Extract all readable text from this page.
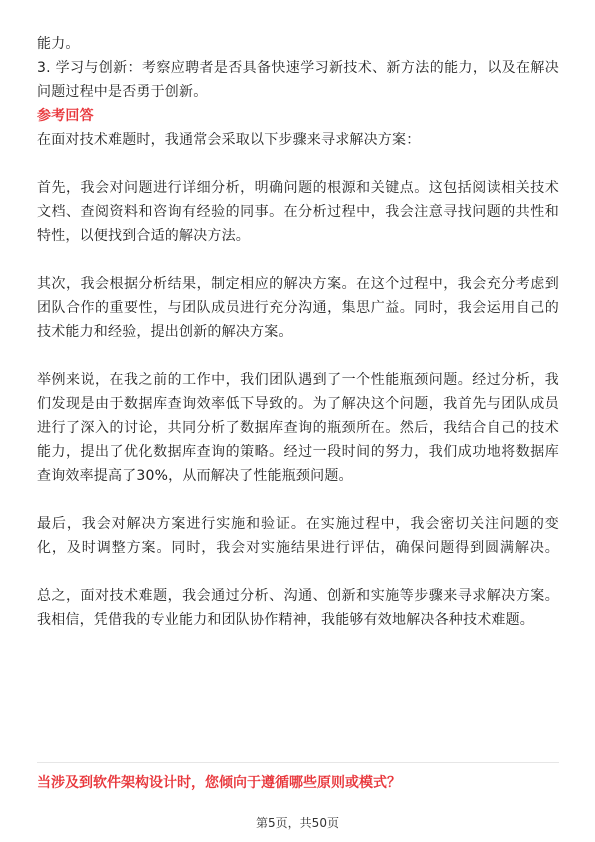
能力。
3. 学习与创新：考察应聘者是否具备快速学习新技术、新方法的能力，以及在解决
问题过程中是否勇于创新。
参考回答
在面对技术难题时，我通常会采取以下步骤来寻求解决方案：
首先，我会对问题进行详细分析，明确问题的根源和关键点。这包括阅读相关技术
文档、查阅资料和咨询有经验的同事。在分析过程中，我会注意寻找问题的共性和
特性，以便找到合适的解决方法。
其次，我会根据分析结果，制定相应的解决方案。在这个过程中，我会充分考虑到
团队合作的重要性，与团队成员进行充分沟通，集思广益。同时，我会运用自己的
技术能力和经验，提出创新的解决方案。
举例来说，在我之前的工作中，我们团队遇到了一个性能瓶颈问题。经过分析，我
们发现是由于数据库查询效率低下导致的。为了解决这个问题，我首先与团队成员
进行了深入的讨论，共同分析了数据库查询的瓶颈所在。然后，我结合自己的技术
能力，提出了优化数据库查询的策略。经过一段时间的努力，我们成功地将数据库
查询效率提高了30%，从而解决了性能瓶颈问题。
最后，我会对解决方案进行实施和验证。在实施过程中，我会密切关注问题的变
化，及时调整方案。同时，我会对实施结果进行评估，确保问题得到圆满解决。
总之，面对技术难题，我会通过分析、沟通、创新和实施等步骤来寻求解决方案。
我相信，凭借我的专业能力和团队协作精神，我能够有效地解决各种技术难题。
当涉及到软件架构设计时，您倾向于遵循哪些原则或模式？
第5页，共50页
